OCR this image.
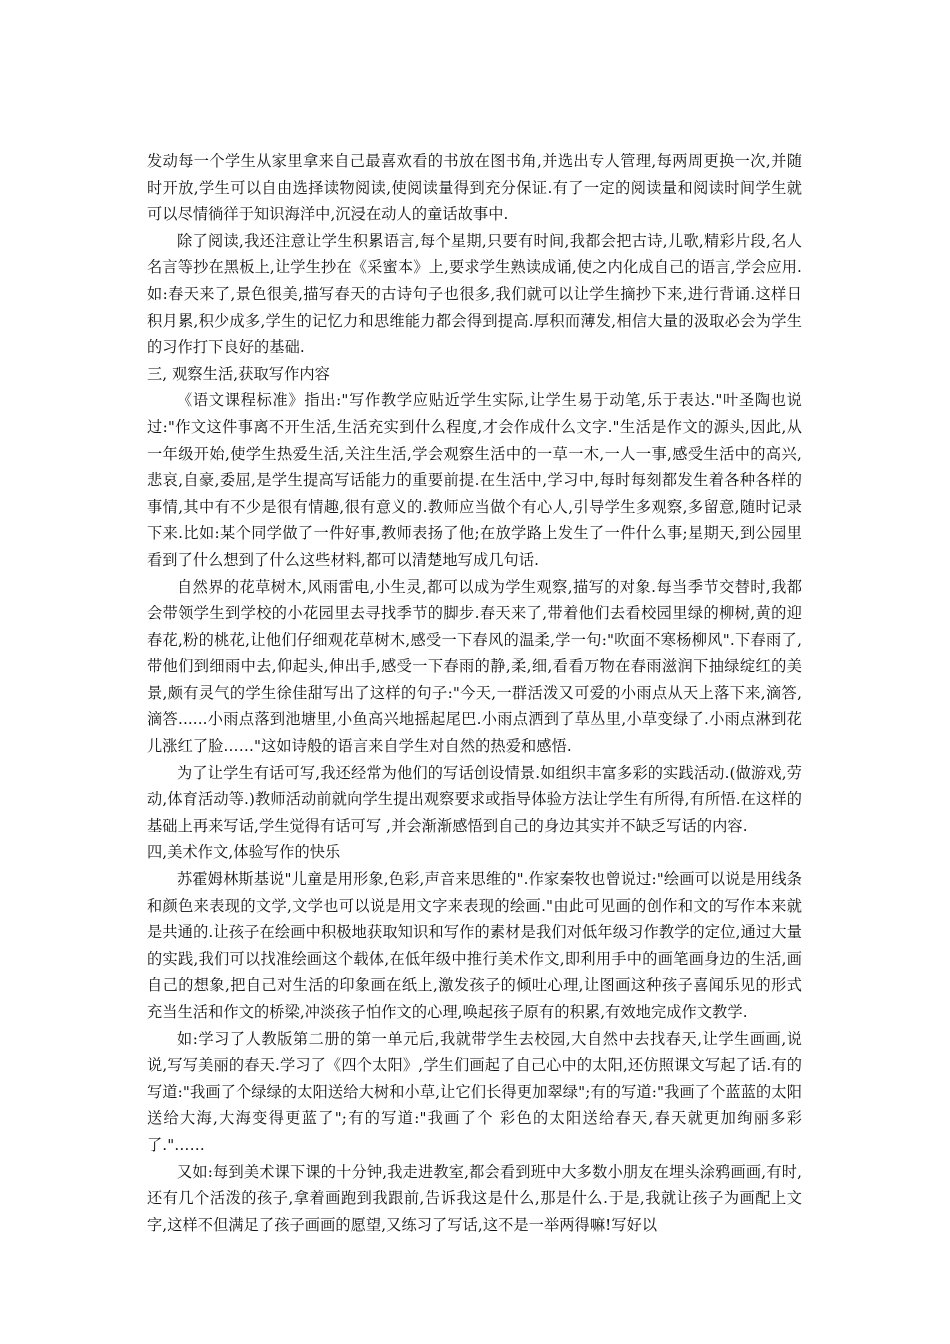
发动每一个学生从家里拿来自己最喜欢看的书放在图书角,并选出专人管理,每两周更换一次,并随时开放,学生可以自由选择读物阅读,使阅读量得到充分保证.有了一定的阅读量和阅读时间学生就可以尽情徜徉于知识海洋中,沉浸在动人的童话故事中.

除了阅读,我还注意让学生积累语言,每个星期,只要有时间,我都会把古诗,儿歌,精彩片段,名人名言等抄在黑板上,让学生抄在《采蜜本》上,要求学生熟读成诵,使之内化成自己的语言,学会应用.如:春天来了,景色很美,描写春天的古诗句子也很多,我们就可以让学生摘抄下来,进行背诵.这样日积月累,积少成多,学生的记忆力和思维能力都会得到提高.厚积而薄发,相信大量的汲取必会为学生的习作打下良好的基础.

三, 观察生活,获取写作内容

《语文课程标准》指出:"写作教学应贴近学生实际,让学生易于动笔,乐于表达."叶圣陶也说过:"作文这件事离不开生活,生活充实到什么程度,才会作成什么文字."生活是作文的源头,因此,从一年级开始,使学生热爱生活,关注生活,学会观察生活中的一草一木,一人一事,感受生活中的高兴,悲哀,自豪,委屈,是学生提高写话能力的重要前提.在生活中,学习中,每时每刻都发生着各种各样的事情,其中有不少是很有情趣,很有意义的.教师应当做个有心人,引导学生多观察,多留意,随时记录下来.比如:某个同学做了一件好事,教师表扬了他;在放学路上发生了一件什么事;星期天,到公园里看到了什么想到了什么这些材料,都可以清楚地写成几句话.

自然界的花草树木,风雨雷电,小生灵,都可以成为学生观察,描写的对象.每当季节交替时,我都会带领学生到学校的小花园里去寻找季节的脚步.春天来了,带着他们去看校园里绿的柳树,黄的迎春花,粉的桃花,让他们仔细观花草树木,感受一下春风的温柔,学一句:"吹面不寒杨柳风".下春雨了,带他们到细雨中去,仰起头,伸出手,感受一下春雨的静,柔,细,看看万物在春雨滋润下抽绿绽红的美景,颇有灵气的学生徐佳甜写出了这样的句子:"今天,一群活泼又可爱的小雨点从天上落下来,滴答,滴答......小雨点落到池塘里,小鱼高兴地摇起尾巴.小雨点洒到了草丛里,小草变绿了.小雨点淋到花儿涨红了脸……"这如诗般的语言来自学生对自然的热爱和感悟.

为了让学生有话可写,我还经常为他们的写话创设情景.如组织丰富多彩的实践活动.(做游戏,劳动,体育活动等.)教师活动前就向学生提出观察要求或指导体验方法让学生有所得,有所悟.在这样的基础上再来写话,学生觉得有话可写 ,并会渐渐感悟到自己的身边其实并不缺乏写话的内容.

四,美术作文,体验写作的快乐

苏霍姆林斯基说"儿童是用形象,色彩,声音来思维的".作家秦牧也曾说过:"绘画可以说是用线条和颜色来表现的文学,文学也可以说是用文字来表现的绘画."由此可见画的创作和文的写作本来就是共通的.让孩子在绘画中积极地获取知识和写作的素材是我们对低年级习作教学的定位,通过大量的实践,我们可以找准绘画这个载体,在低年级中推行美术作文,即利用手中的画笔画身边的生活,画自己的想象,把自己对生活的印象画在纸上,激发孩子的倾吐心理,让图画这种孩子喜闻乐见的形式充当生活和作文的桥梁,冲淡孩子怕作文的心理,唤起孩子原有的积累,有效地完成作文教学.

如:学习了人教版第二册的第一单元后,我就带学生去校园,大自然中去找春天,让学生画画,说说,写写美丽的春天.学习了《四个太阳》,学生们画起了自己心中的太阳,还仿照课文写起了话.有的写道:"我画了个绿绿的太阳送给大树和小草,让它们长得更加翠绿";有的写道:"我画了个蓝蓝的太阳送给大海,大海变得更蓝了";有的写道:"我画了个 彩色的太阳送给春天,春天就更加绚丽多彩了."……

又如:每到美术课下课的十分钟,我走进教室,都会看到班中大多数小朋友在埋头涂鸦画画,有时,还有几个活泼的孩子,拿着画跑到我跟前,告诉我这是什么,那是什么.于是,我就让孩子为画配上文字,这样不但满足了孩子画画的愿望,又练习了写话,这不是一举两得嘛!写好以
